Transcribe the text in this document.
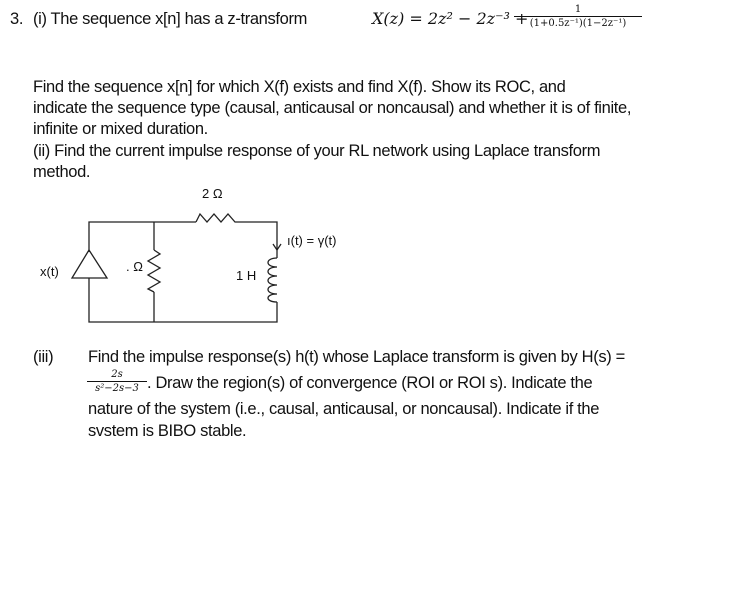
3. (i) The sequence x[n] has a z-transform	X(z) = 2z² − 2z⁻³ +	1
(1+0.5z⁻¹)(1−2z⁻¹)
Find the sequence x[n] for which X(f) exists and find X(f). Show its ROC, and
indicate the sequence type (causal, anticausal or noncausal) and whether it is of finite,
infinite or mixed duration.
(ii) Find the current impulse response of your RL network using Laplace transform
method.
2 Ω
ı(t) = γ(t)
x(t)	. Ω
1 H
(iii) Find the impulse response(s) h(t) whose Laplace transform is given by H(s) =
2s
s²−2s−3 . Draw the region(s) of convergence (ROI or ROI s). Indicate the
nature of the system (i.e., causal, anticausal, or noncausal). Indicate if the
svstem is BIBO stable.
